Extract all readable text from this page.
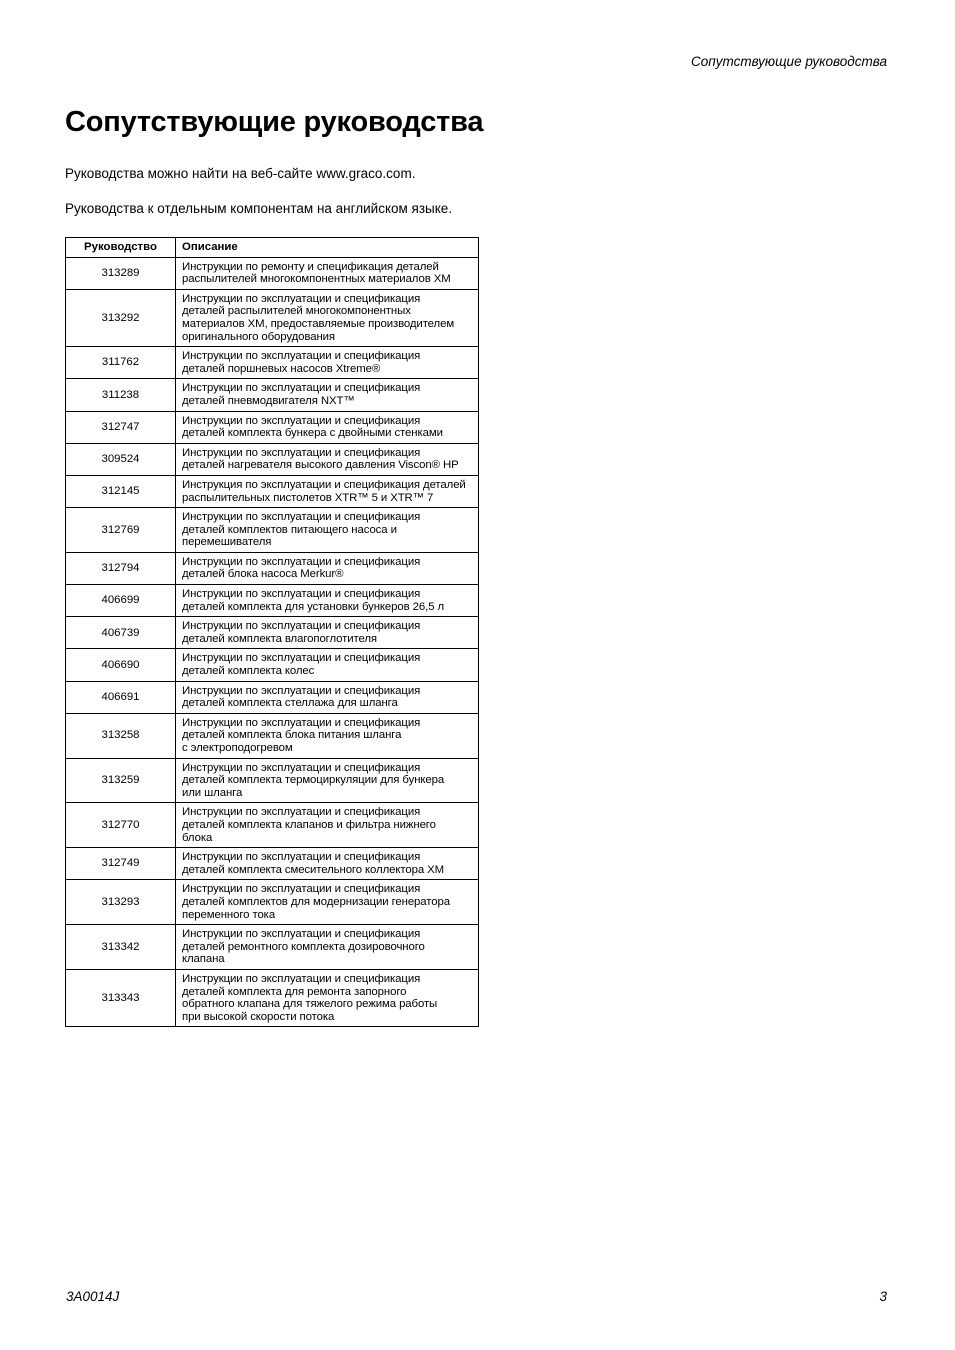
Сопутствующие руководства
Сопутствующие руководства

Руководства можно найти на веб-сайте www.graco.com.

Руководства к отдельным компонентам на английском языке.

Руководство	Описание
313289	Инструкции по ремонту и спецификация деталей
распылителей многокомпонентных материалов XM

313292	Инструкции по эксплуатации и спецификация
деталей распылителей многокомпонентных
материалов XM, предоставляемые производителем
оригинального оборудования

311762	Инструкции по эксплуатации и спецификация
деталей поршневых насосов Xtreme®

311238	Инструкции по эксплуатации и спецификация
деталей пневмодвигателя NXT™

312747	Инструкции по эксплуатации и спецификация
деталей комплекта бункера с двойными стенками

309524	Инструкции по эксплуатации и спецификация
деталей нагревателя высокого давления Viscon® HP

312145	Инструкция по эксплуатации и спецификация деталей
распылительных пистолетов XTR™ 5 и XTR™ 7

312769	Инструкции по эксплуатации и спецификация
деталей комплектов питающего насоса и
перемешивателя

312794	Инструкции по эксплуатации и спецификация
деталей блока насоса Merkur®

406699	Инструкции по эксплуатации и спецификация
деталей комплекта для установки бункеров 26,5 л

406739	Инструкции по эксплуатации и спецификация
деталей комплекта влагопоглотителя

406690	Инструкции по эксплуатации и спецификация
деталей комплекта колес

406691	Инструкции по эксплуатации и спецификация
деталей комплекта стеллажа для шланга

313258	Инструкции по эксплуатации и спецификация
деталей комплекта блока питания шланга
с электроподогревом

313259	Инструкции по эксплуатации и спецификация
деталей комплекта термоциркуляции для бункера
или шланга

312770	Инструкции по эксплуатации и спецификация
деталей комплекта клапанов и фильтра нижнего
блока

312749	Инструкции по эксплуатации и спецификация
деталей комплекта смесительного коллектора XM

313293	Инструкции по эксплуатации и спецификация
деталей комплектов для модернизации генератора
переменного тока

313342	Инструкции по эксплуатации и спецификация
деталей ремонтного комплекта дозировочного
клапана

313343	Инструкции по эксплуатации и спецификация
деталей комплекта для ремонта запорного
обратного клапана для тяжелого режима работы
при высокой скорости потока
3A0014J	3
